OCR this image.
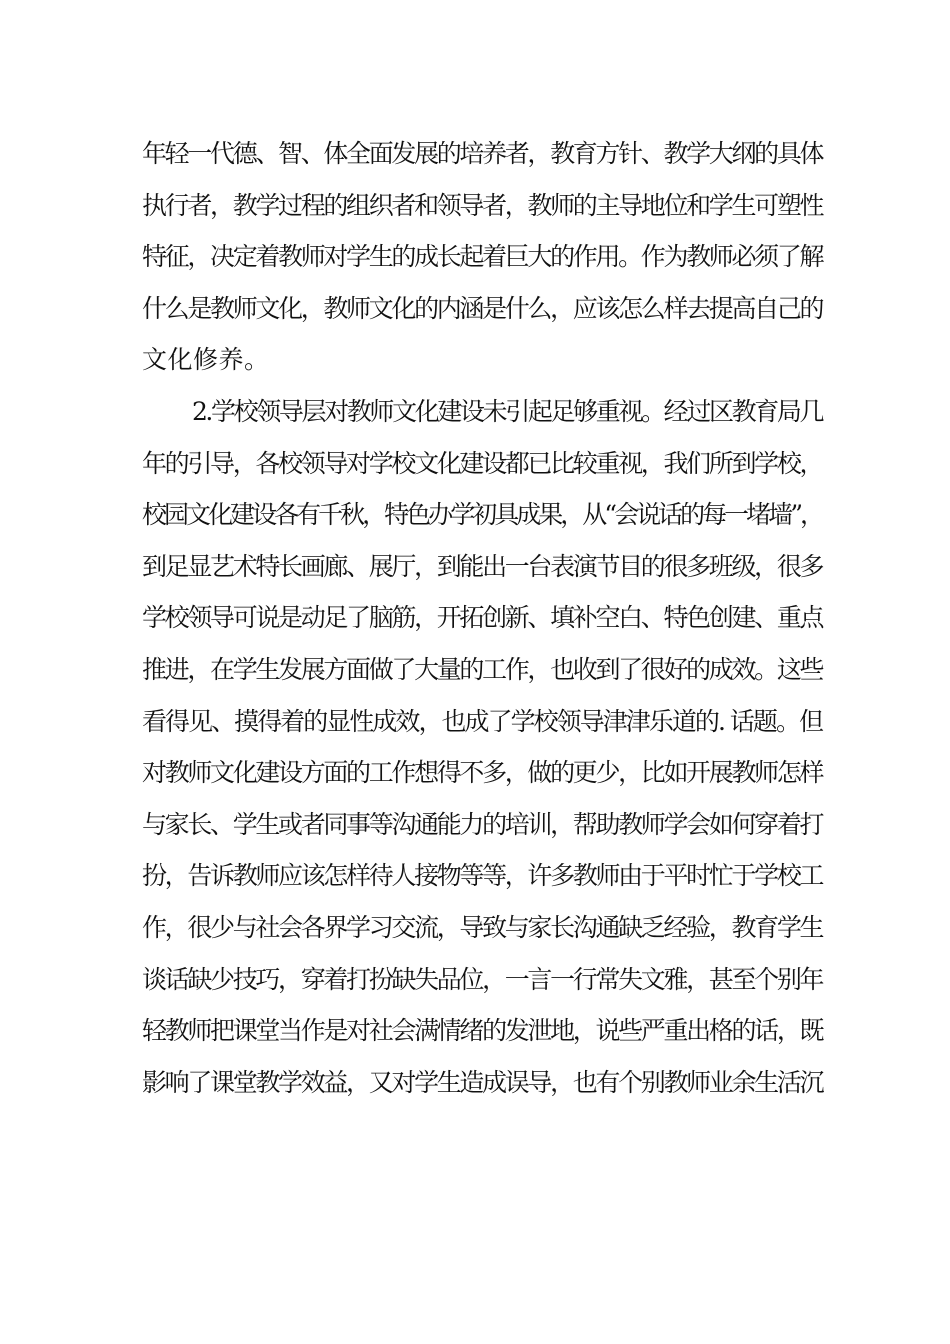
年轻一代德、智、体全面发展的培养者，教育方针、教学大纲的具体
执行者，教学过程的组织者和领导者，教师的主导地位和学生可塑性
特征，决定着教师对学生的成长起着巨大的作用。作为教师必须了解
什么是教师文化，教师文化的内涵是什么，应该怎么样去提高自己的
文化修养。
2.学校领导层对教师文化建设未引起足够重视。经过区教育局几
年的引导，各校领导对学校文化建设都已比较重视，我们所到学校，
校园文化建设各有千秋，特色办学初具成果，从“会说话的每一堵墙”，
到足显艺术特长画廊、展厅，到能出一台表演节目的很多班级，很多
学校领导可说是动足了脑筋，开拓创新、填补空白、特色创建、重点
推进，在学生发展方面做了大量的工作，也收到了很好的成效。这些
看得见、摸得着的显性成效，也成了学校领导津津乐道的. 话题。但
对教师文化建设方面的工作想得不多，做的更少，比如开展教师怎样
与家长、学生或者同事等沟通能力的培训，帮助教师学会如何穿着打
扮，告诉教师应该怎样待人接物等等，许多教师由于平时忙于学校工
作，很少与社会各界学习交流，导致与家长沟通缺乏经验，教育学生
谈话缺少技巧，穿着打扮缺失品位，一言一行常失文雅，甚至个别年
轻教师把课堂当作是对社会满情绪的发泄地，说些严重出格的话，既
影响了课堂教学效益，又对学生造成误导，也有个别教师业余生活沉
